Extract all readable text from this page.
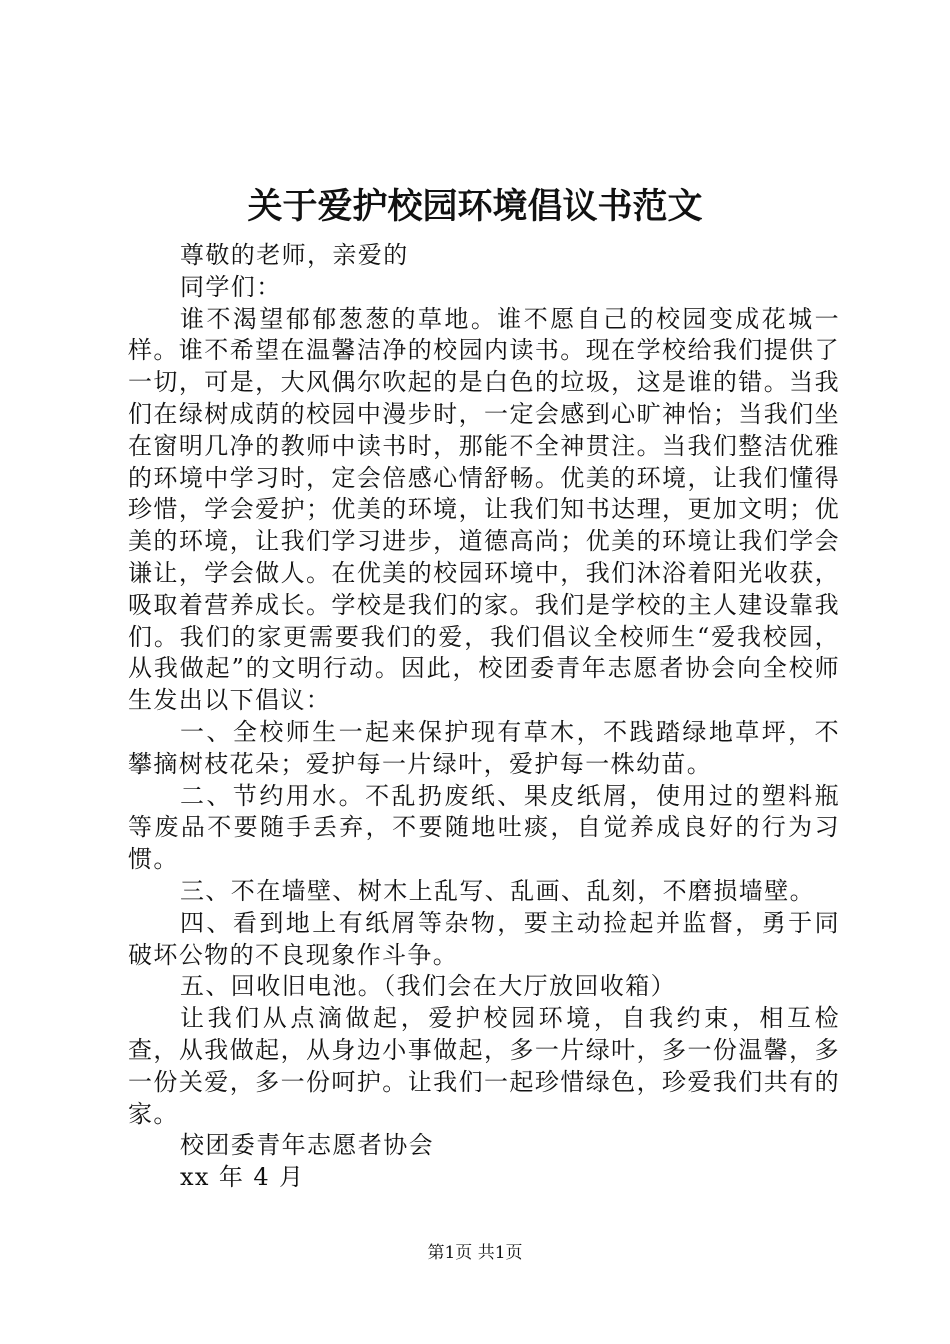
关于爱护校园环境倡议书范文

尊敬的老师，亲爱的

同学们：

谁不渴望郁郁葱葱的草地。谁不愿自己的校园变成花城一样。谁不希望在温馨洁净的校园内读书。现在学校给我们提供了一切，可是，大风偶尔吹起的是白色的垃圾，这是谁的错。当我们在绿树成荫的校园中漫步时，一定会感到心旷神怡；当我们坐在窗明几净的教师中读书时，那能不全神贯注。当我们整洁优雅的环境中学习时，定会倍感心情舒畅。优美的环境，让我们懂得珍惜，学会爱护；优美的环境，让我们知书达理，更加文明；优美的环境，让我们学习进步，道德高尚；优美的环境让我们学会谦让，学会做人。在优美的校园环境中，我们沐浴着阳光收获，吸取着营养成长。学校是我们的家。我们是学校的主人建设靠我们。我们的家更需要我们的爱，我们倡议全校师生“爱我校园，从我做起”的文明行动。因此，校团委青年志愿者协会向全校师生发出以下倡议：

一、全校师生一起来保护现有草木，不践踏绿地草坪，不攀摘树枝花朵；爱护每一片绿叶，爱护每一株幼苗。

二、节约用水。不乱扔废纸、果皮纸屑，使用过的塑料瓶等废品不要随手丢弃，不要随地吐痰，自觉养成良好的行为习惯。

三、不在墙壁、树木上乱写、乱画、乱刻，不磨损墙壁。

四、看到地上有纸屑等杂物，要主动捡起并监督，勇于同破坏公物的不良现象作斗争。

五、回收旧电池。（我们会在大厅放回收箱）

让我们从点滴做起，爱护校园环境，自我约束，相互检查，从我做起，从身边小事做起，多一片绿叶，多一份温馨，多一份关爱，多一份呵护。让我们一起珍惜绿色，珍爱我们共有的家。

校团委青年志愿者协会

xx 年 4 月

第1页 共1页
